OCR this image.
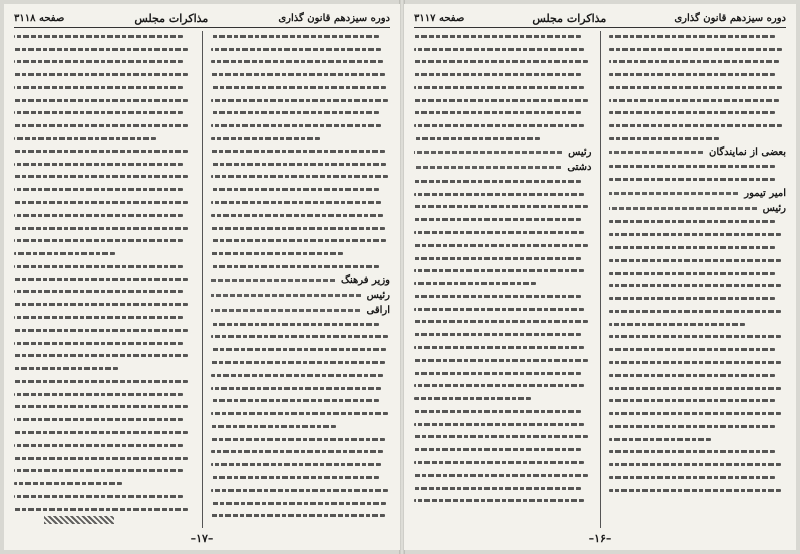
دوره سیزدهم قانون گذاری
مذاکرات مجلس
صفحه ۳۱۱۸
وزیر فرهنگ
رئیس
اراقی
–۱۷–
دوره سیزدهم قانون گذاری
مذاکرات مجلس
صفحه ۳۱۱۷
بعضی از نمایندگان
امیر تیمور
رئیس
رئیس
دشتی
–۱۶–
